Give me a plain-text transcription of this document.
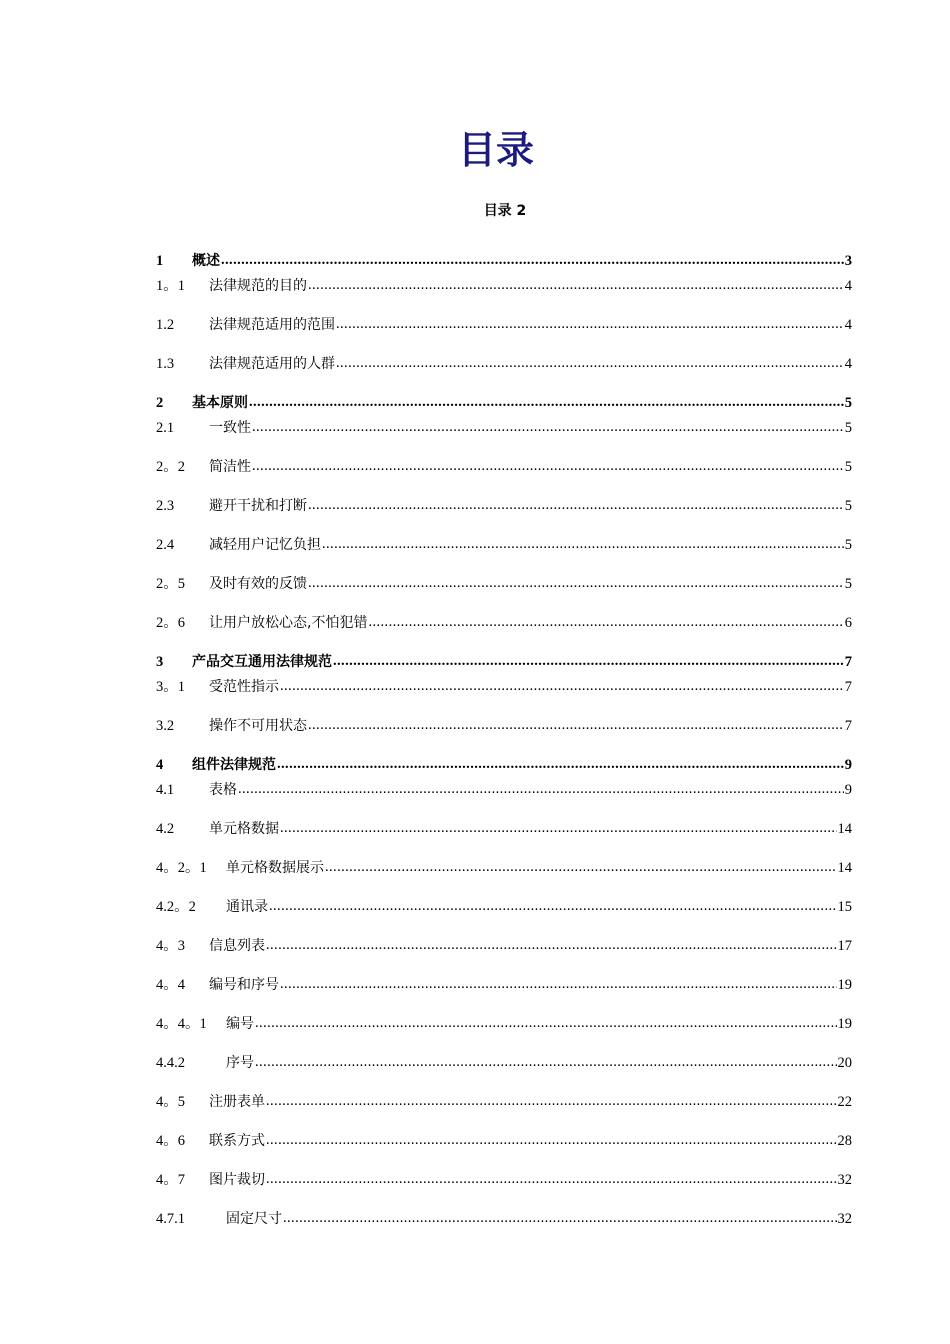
目录
目录 2
1	概述 .....	3
1。1	法律规范的目的 .....	4
1.2	法律规范适用的范围 .....	4
1.3	法律规范适用的人群 .....	4
2	基本原则 .....	5
2.1	一致性 .....	5
2。2	简洁性 .....	5
2.3	避开干扰和打断 .....	5
2.4	减轻用户记忆负担 .....	5
2。5	及时有效的反馈 .....	5
2。6	让用户放松心态,不怕犯错 .....	6
3	产品交互通用法律规范 .....	7
3。1	受范性指示 .....	7
3.2	操作不可用状态 .....	7
4	组件法律规范 .....	9
4.1	表格 .....	9
4.2	单元格数据 .....	14
4。2。1	单元格数据展示 .....	14
4.2。2	通讯录 .....	15
4。3	信息列表 .....	17
4。4	编号和序号 .....	19
4。4。1	编号 .....	19
4.4.2	序号 .....	20
4。5	注册表单 .....	22
4。6	联系方式 .....	28
4。7	图片裁切 .....	32
4.7.1	固定尺寸 .....	32
